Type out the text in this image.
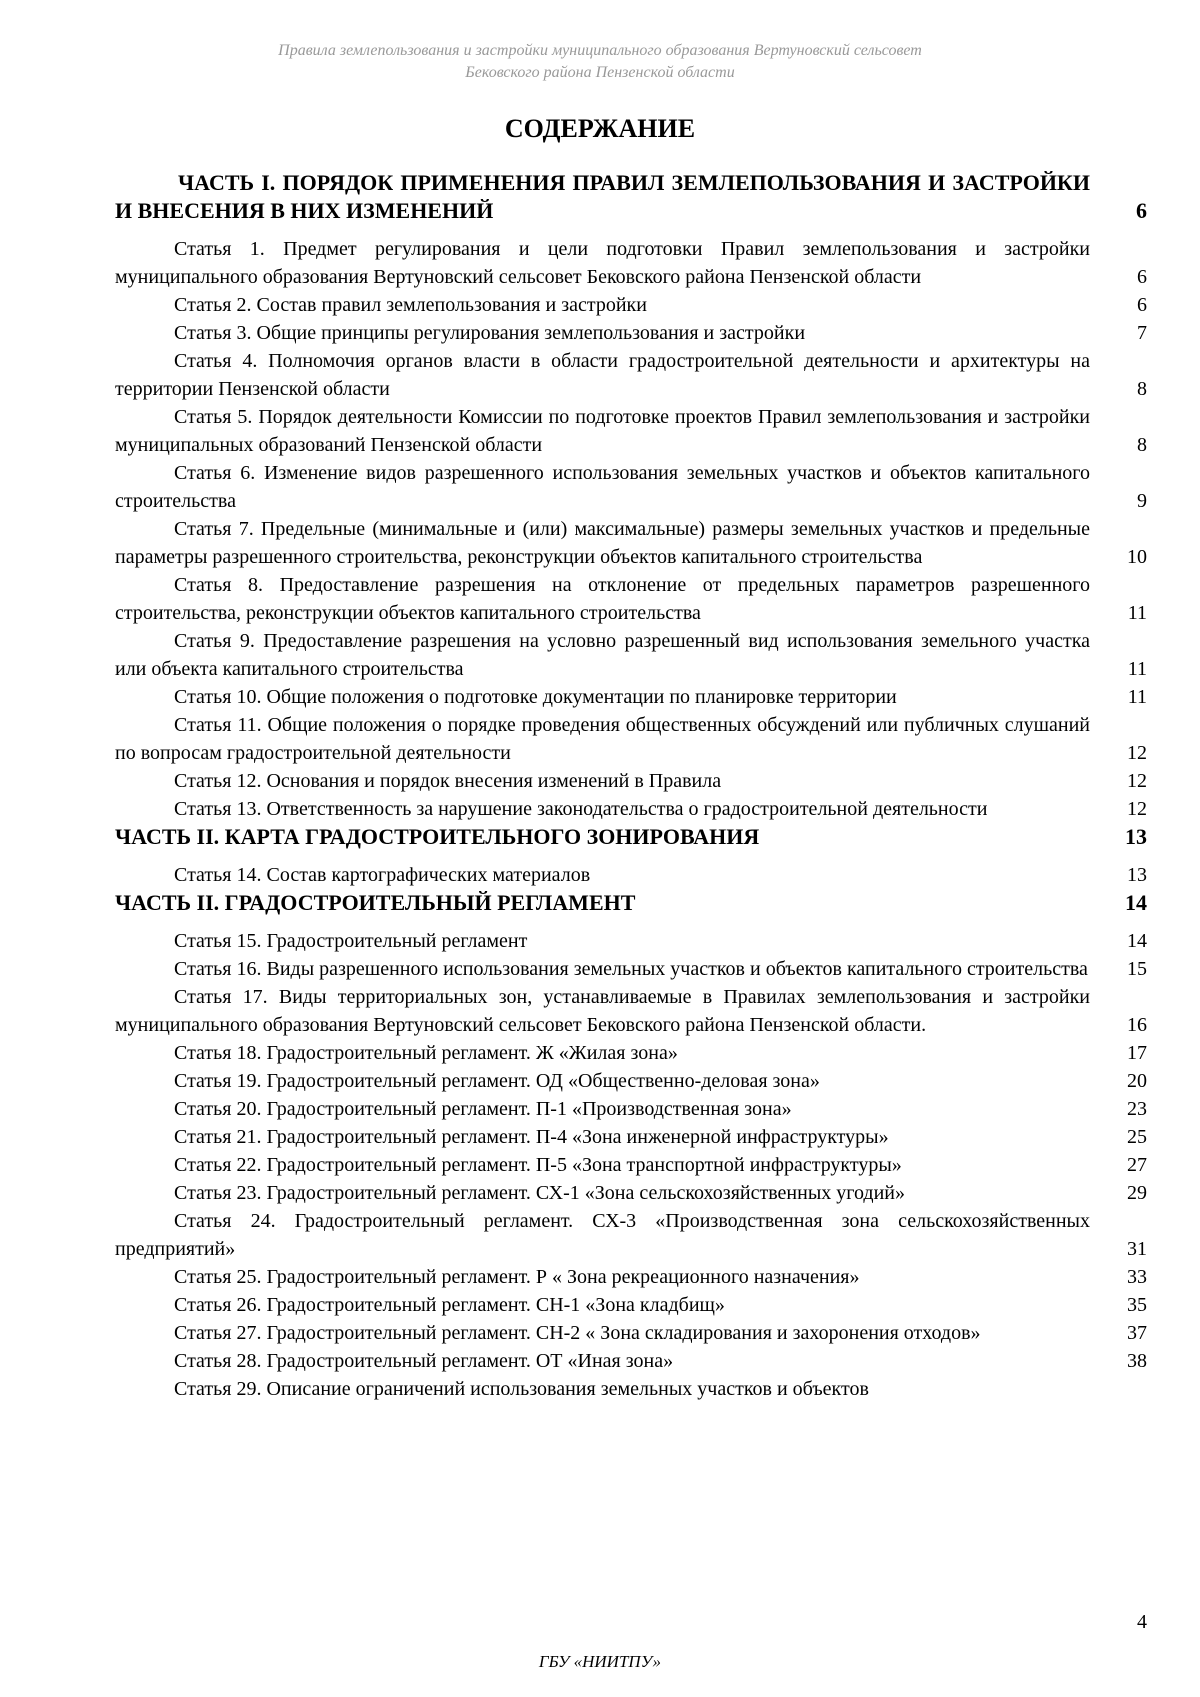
Правила землепользования и застройки муниципального образования Вертуновский сельсовет
Бековского района Пензенской области
СОДЕРЖАНИЕ
ЧАСТЬ I. ПОРЯДОК ПРИМЕНЕНИЯ ПРАВИЛ ЗЕМЛЕПОЛЬЗОВАНИЯ И ЗАСТРОЙКИ И ВНЕСЕНИЯ В НИХ ИЗМЕНЕНИЙ	6
Статья 1. Предмет регулирования и цели подготовки Правил землепользования и застройки муниципального образования Вертуновский сельсовет Бековского района Пензенской области	6
Статья 2. Состав правил землепользования и застройки	6
Статья 3. Общие принципы регулирования землепользования и застройки	7
Статья 4. Полномочия органов власти в области градостроительной деятельности и архитектуры на территории Пензенской области	8
Статья 5. Порядок деятельности Комиссии по подготовке проектов Правил землепользования и застройки муниципальных образований Пензенской области	8
Статья 6. Изменение видов разрешенного использования земельных участков и объектов капитального строительства	9
Статья 7. Предельные (минимальные и (или) максимальные) размеры земельных участков и предельные параметры разрешенного строительства, реконструкции объектов капитального строительства	10
Статья 8. Предоставление разрешения на отклонение от предельных параметров разрешенного строительства, реконструкции объектов капитального строительства	11
Статья 9. Предоставление разрешения на условно разрешенный вид использования земельного участка или объекта капитального строительства	11
Статья 10. Общие положения о подготовке документации по планировке территории	11
Статья 11. Общие положения о порядке проведения общественных обсуждений или публичных слушаний по вопросам градостроительной деятельности	12
Статья 12. Основания и порядок внесения изменений в Правила	12
Статья 13. Ответственность за нарушение законодательства о градостроительной деятельности	12
ЧАСТЬ II. КАРТА ГРАДОСТРОИТЕЛЬНОГО ЗОНИРОВАНИЯ	13
Статья 14. Состав картографических материалов	13
ЧАСТЬ II. ГРАДОСТРОИТЕЛЬНЫЙ РЕГЛАМЕНТ	14
Статья 15. Градостроительный регламент	14
Статья 16. Виды разрешенного использования земельных участков и объектов капитального строительства	15
Статья 17. Виды территориальных зон, устанавливаемые в Правилах землепользования и застройки муниципального образования Вертуновский сельсовет Бековского района Пензенской области.	16
Статья 18. Градостроительный регламент. Ж «Жилая зона»	17
Статья 19. Градостроительный регламент. ОД «Общественно-деловая зона»	20
Статья 20. Градостроительный регламент. П-1 «Производственная зона»	23
Статья 21. Градостроительный регламент. П-4 «Зона инженерной инфраструктуры»	25
Статья 22. Градостроительный регламент. П-5 «Зона транспортной инфраструктуры»	27
Статья 23. Градостроительный регламент. СХ-1 «Зона сельскохозяйственных угодий»	29
Статья 24. Градостроительный регламент. СХ-3 «Производственная зона сельскохозяйственных предприятий»	31
Статья 25. Градостроительный регламент. Р « Зона рекреационного назначения»	33
Статья 26. Градостроительный регламент. СН-1 «Зона кладбищ»	35
Статья 27. Градостроительный регламент. СН-2 « Зона складирования и захоронения отходов»	37
Статья 28. Градостроительный регламент. ОТ «Иная зона»	38
Статья 29. Описание ограничений использования земельных участков и объектов
4
ГБУ «НИИТПУ»
